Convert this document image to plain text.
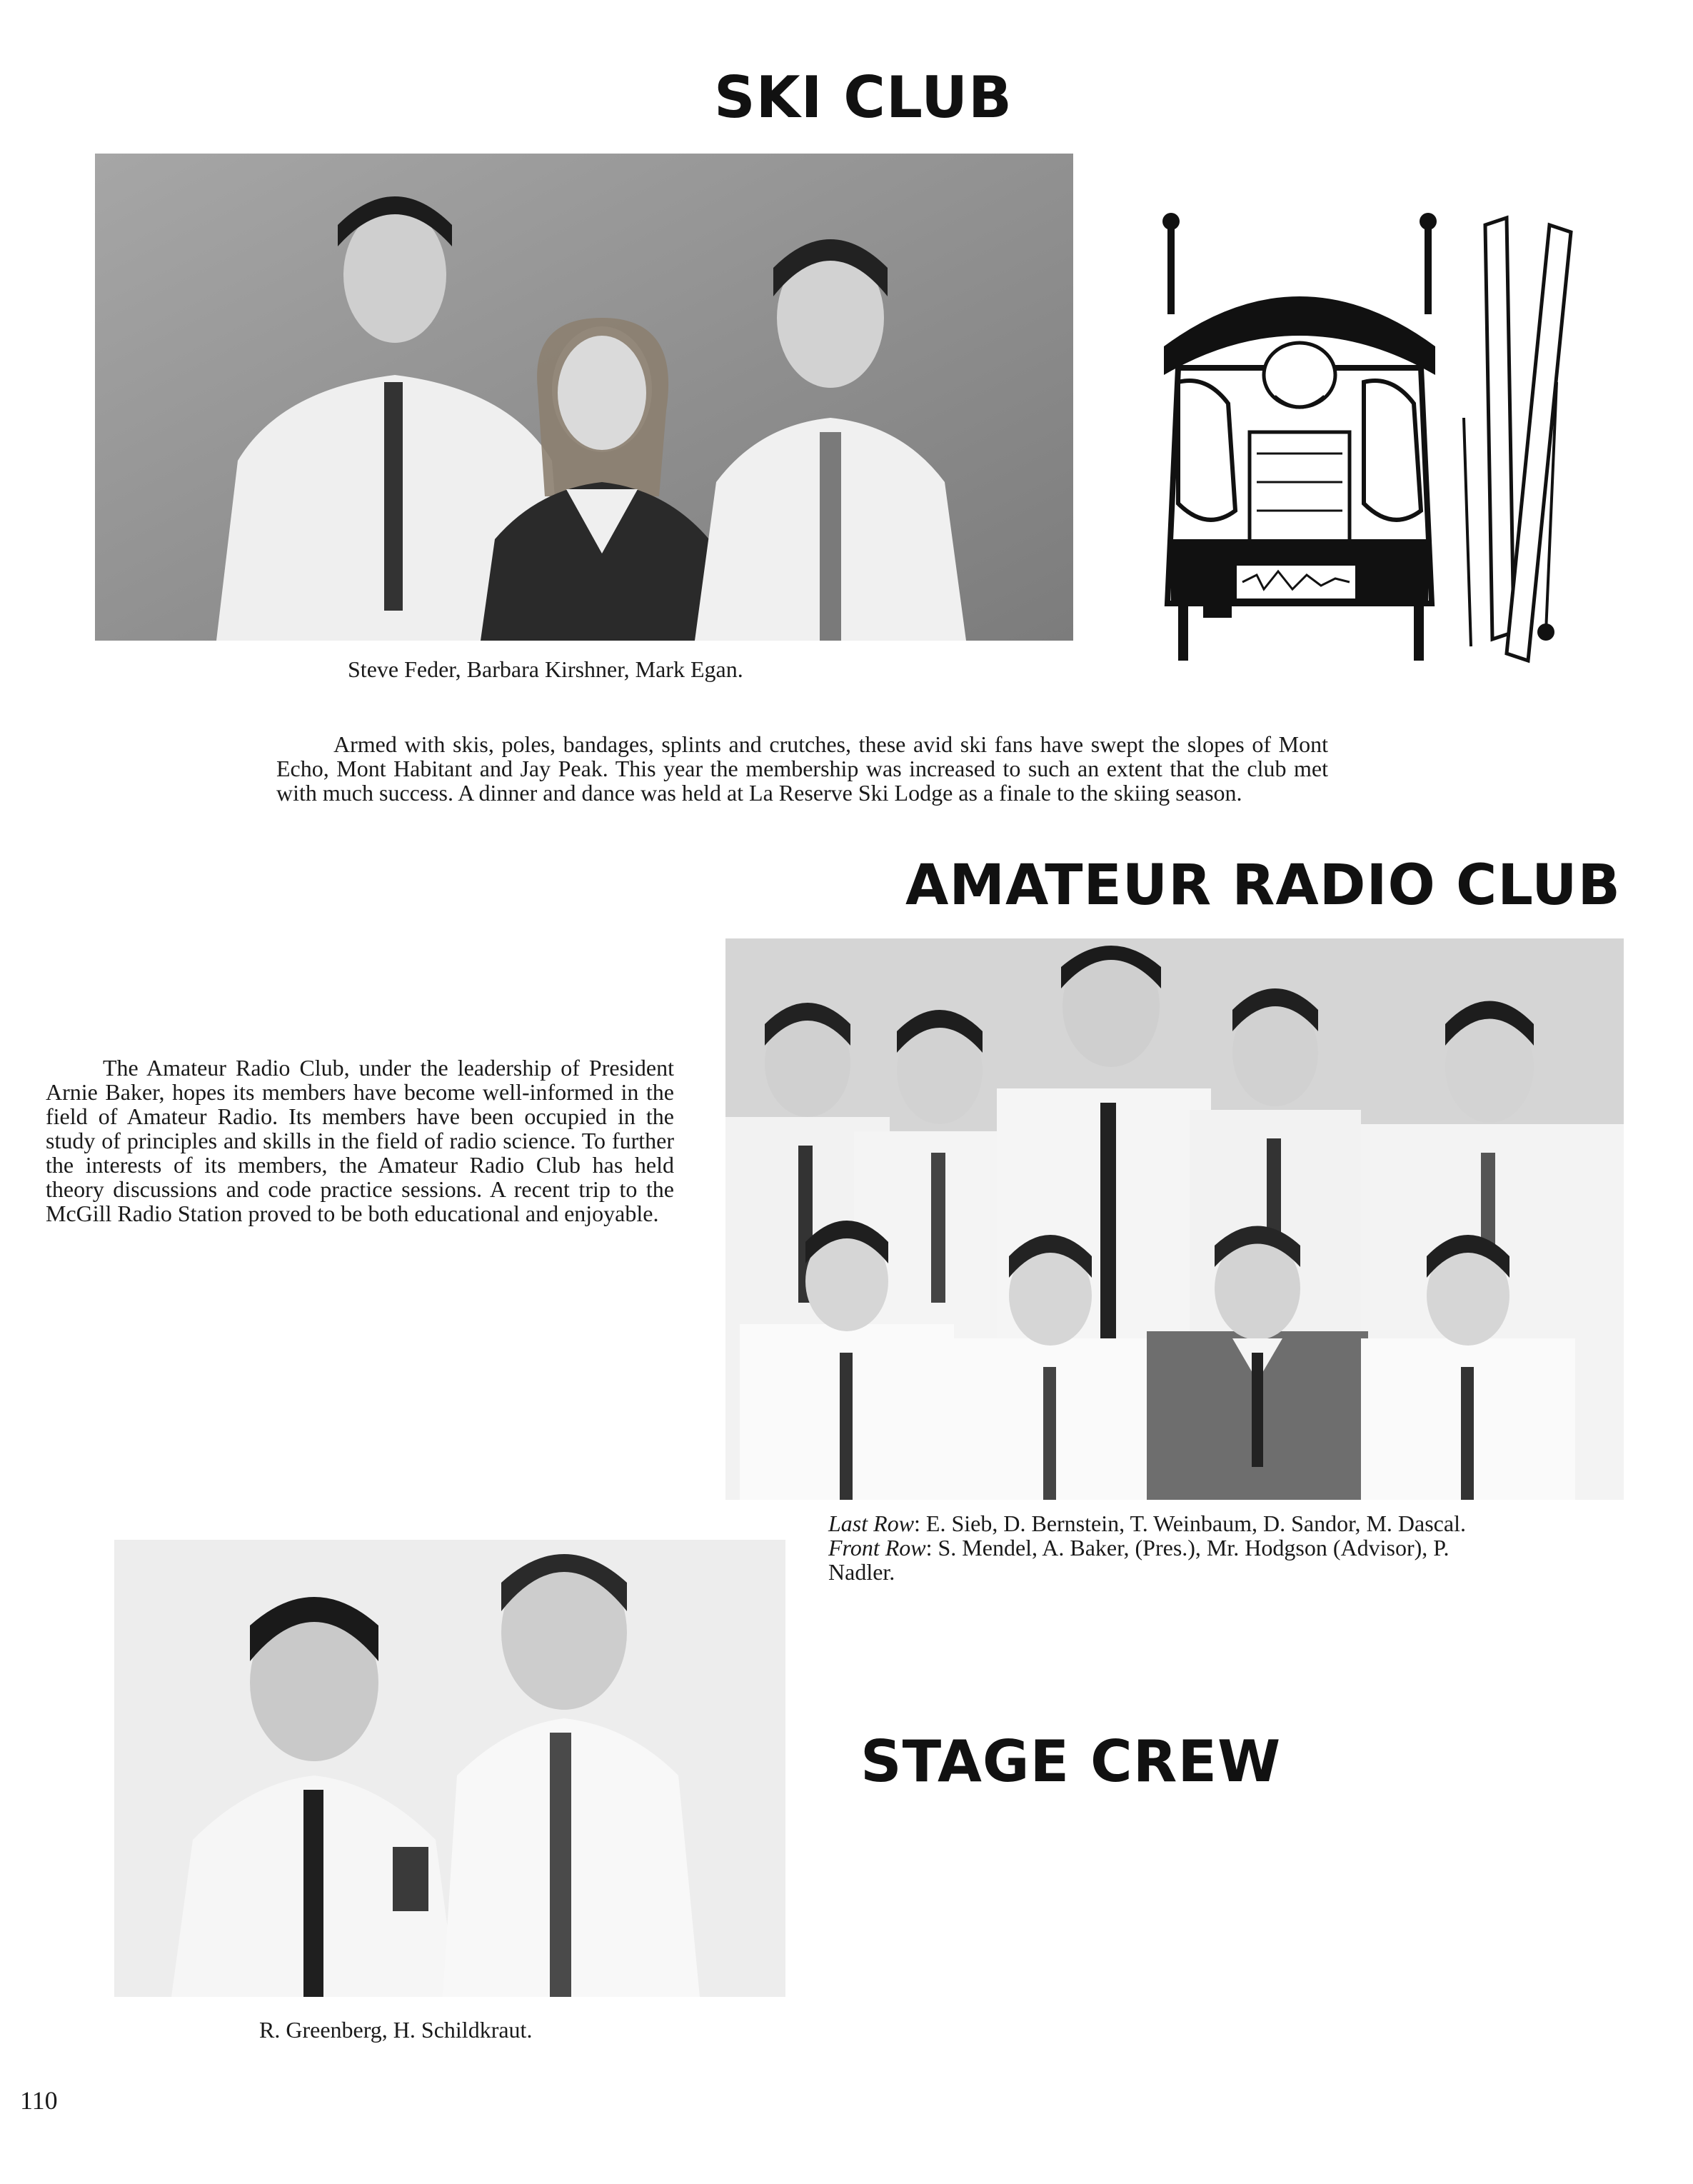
SKI CLUB

Steve Feder, Barbara Kirshner, Mark Egan.

Armed with skis, poles, bandages, splints and crutches, these avid ski fans have swept the slopes of Mont Echo, Mont Habitant and Jay Peak. This year the membership was increased to such an extent that the club met with much success. A dinner and dance was held at La Reserve Ski Lodge as a finale to the skiing season.

AMATEUR RADIO CLUB

The Amateur Radio Club, under the leadership of President Arnie Baker, hopes its members have become well-informed in the field of Amateur Radio. Its members have been occupied in the study of principles and skills in the field of radio science. To further the interests of its members, the Amateur Radio Club has held theory discussions and code practice sessions. A recent trip to the McGill Radio Station proved to be both educational and enjoyable.

Last Row: E. Sieb, D. Bernstein, T. Weinbaum, D. Sandor, M. Dascal. Front Row: S. Mendel, A. Baker, (Pres.), Mr. Hodgson (Advisor), P. Nadler.

R. Greenberg, H. Schildkraut.

STAGE CREW
110
